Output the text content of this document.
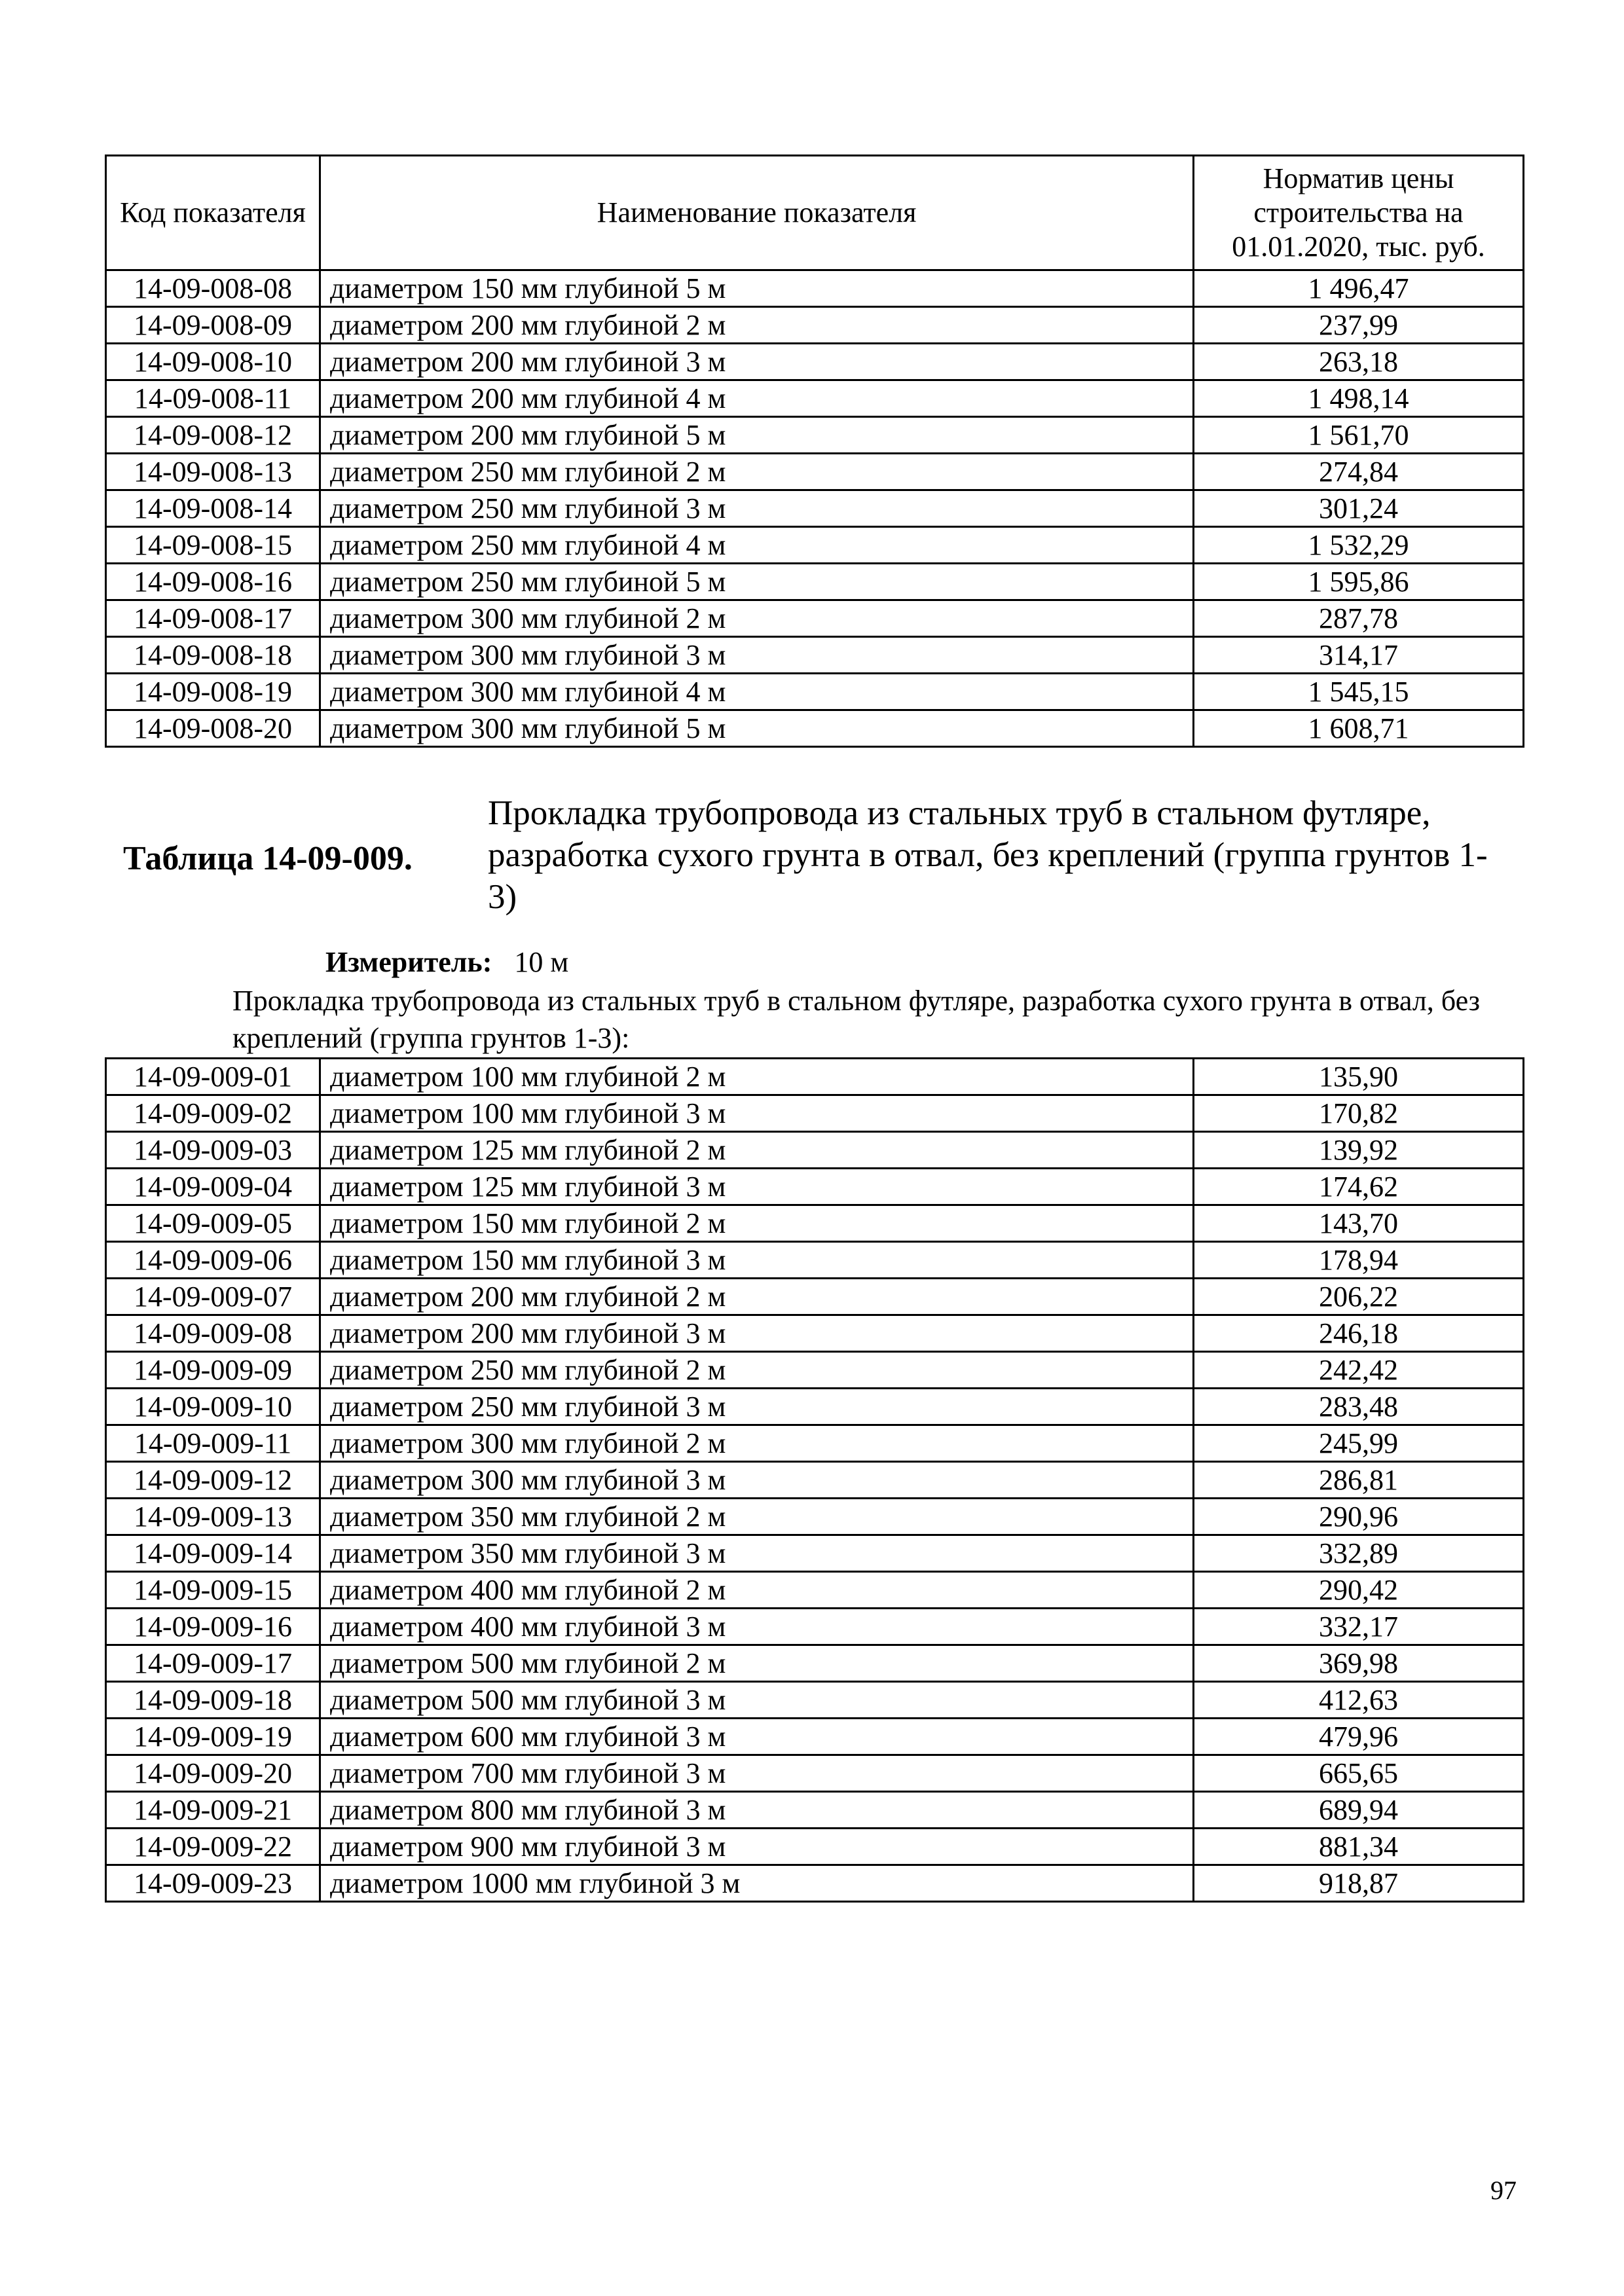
Код показателя	Наименование показателя	Норматив цены строительства на 01.01.2020, тыс. руб.
14-09-008-08	диаметром 150 мм глубиной 5 м	1 496,47
14-09-008-09	диаметром 200 мм глубиной 2 м	237,99
14-09-008-10	диаметром 200 мм глубиной 3 м	263,18
14-09-008-11	диаметром 200 мм глубиной 4 м	1 498,14
14-09-008-12	диаметром 200 мм глубиной 5 м	1 561,70
14-09-008-13	диаметром 250 мм глубиной 2 м	274,84
14-09-008-14	диаметром 250 мм глубиной 3 м	301,24
14-09-008-15	диаметром 250 мм глубиной 4 м	1 532,29
14-09-008-16	диаметром 250 мм глубиной 5 м	1 595,86
14-09-008-17	диаметром 300 мм глубиной 2 м	287,78
14-09-008-18	диаметром 300 мм глубиной 3 м	314,17
14-09-008-19	диаметром 300 мм глубиной 4 м	1 545,15
14-09-008-20	диаметром 300 мм глубиной 5 м	1 608,71
Таблица 14-09-009.
Прокладка трубопровода из стальных труб в стальном футляре, разработка сухого грунта в отвал, без креплений (группа грунтов 1-3)
Измеритель: 10 м
Прокладка трубопровода из стальных труб в стальном футляре, разработка сухого грунта в отвал, без креплений (группа грунтов 1-3):
14-09-009-01	диаметром 100 мм глубиной 2 м	135,90
14-09-009-02	диаметром 100 мм глубиной 3 м	170,82
14-09-009-03	диаметром 125 мм глубиной 2 м	139,92
14-09-009-04	диаметром 125 мм глубиной 3 м	174,62
14-09-009-05	диаметром 150 мм глубиной 2 м	143,70
14-09-009-06	диаметром 150 мм глубиной 3 м	178,94
14-09-009-07	диаметром 200 мм глубиной 2 м	206,22
14-09-009-08	диаметром 200 мм глубиной 3 м	246,18
14-09-009-09	диаметром 250 мм глубиной 2 м	242,42
14-09-009-10	диаметром 250 мм глубиной 3 м	283,48
14-09-009-11	диаметром 300 мм глубиной 2 м	245,99
14-09-009-12	диаметром 300 мм глубиной 3 м	286,81
14-09-009-13	диаметром 350 мм глубиной 2 м	290,96
14-09-009-14	диаметром 350 мм глубиной 3 м	332,89
14-09-009-15	диаметром 400 мм глубиной 2 м	290,42
14-09-009-16	диаметром 400 мм глубиной 3 м	332,17
14-09-009-17	диаметром 500 мм глубиной 2 м	369,98
14-09-009-18	диаметром 500 мм глубиной 3 м	412,63
14-09-009-19	диаметром 600 мм глубиной 3 м	479,96
14-09-009-20	диаметром 700 мм глубиной 3 м	665,65
14-09-009-21	диаметром 800 мм глубиной 3 м	689,94
14-09-009-22	диаметром 900 мм глубиной 3 м	881,34
14-09-009-23	диаметром 1000 мм глубиной 3 м	918,87
97
